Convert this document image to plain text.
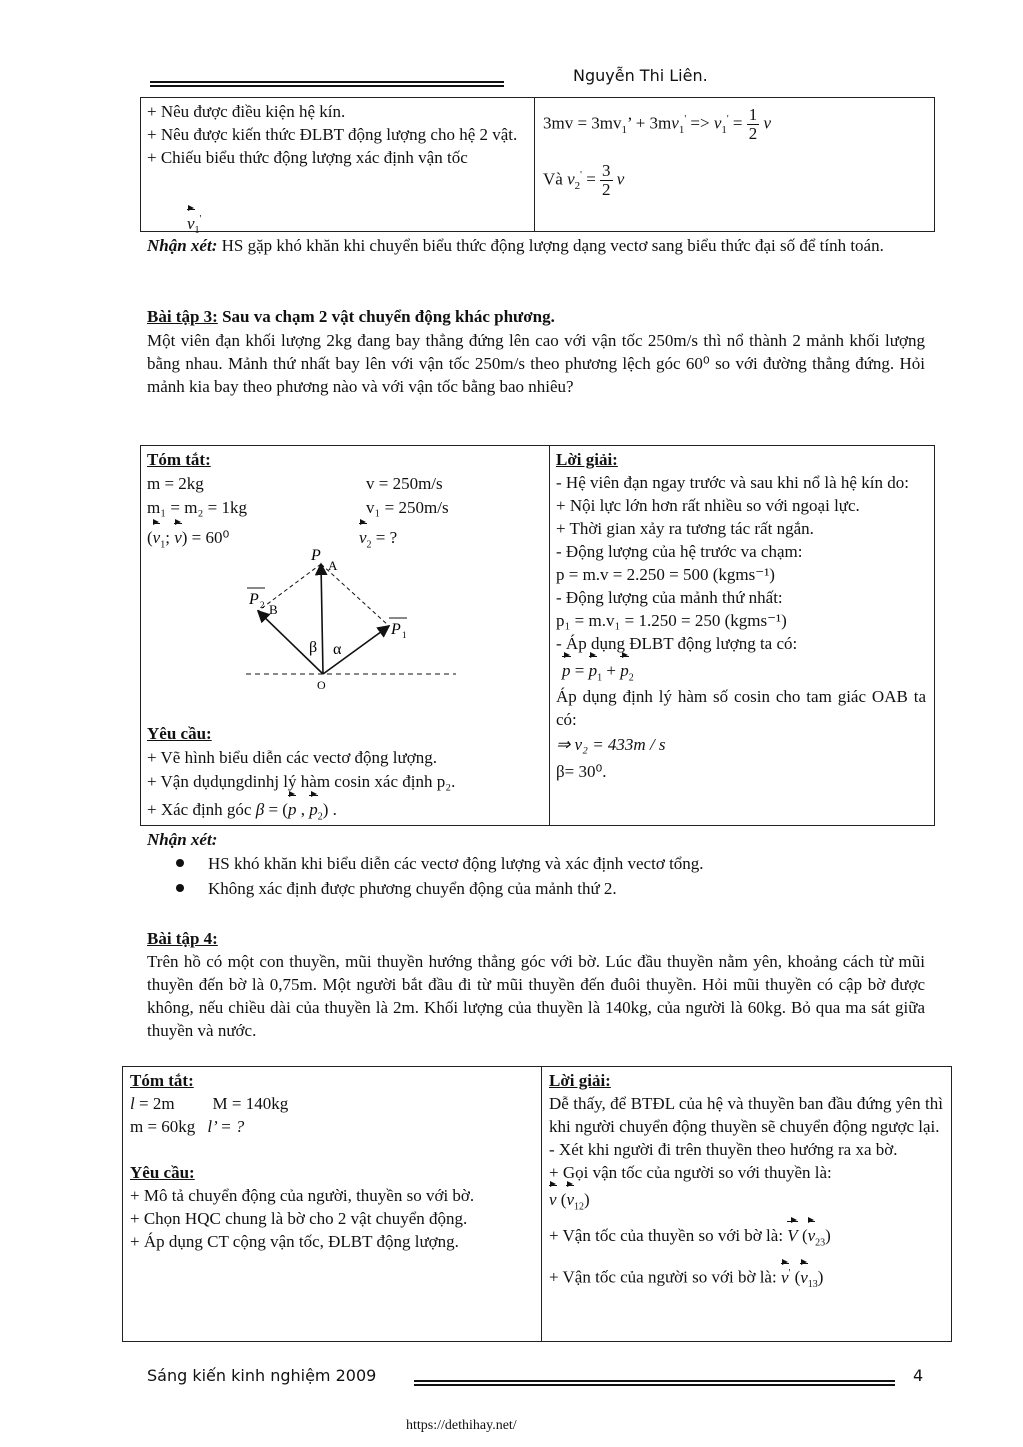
Nguyễn Thi Liên.
+ Nêu được điều kiện hệ kín.
+ Nêu được kiến thức ĐLBT động lượng cho hệ 2 vật.
+ Chiếu biểu thức động lượng xác định vận tốc
$v_1'$
$3mv = 3mv_1$’ + $3mv_1' => v_1' = \frac{1}{2}$ v
Và $v_2' = \frac{3}{2}$ v
Nhận xét: HS gặp khó khăn khi chuyển biểu thức động lượng dạng vectơ sang biểu thức đại số để tính toán.
Bài tập 3: Sau va chạm 2 vật chuyển động khác phương.
Một viên đạn khối lượng 2kg đang bay thẳng đứng lên cao với vận tốc 250m/s thì nổ thành 2 mảnh khối lượng bằng nhau. Mảnh thứ nhất bay lên với vận tốc 250m/s theo phương lệch góc 60⁰ so với đường thẳng đứng. Hỏi mảnh kia bay theo phương nào và với vận tốc bằng bao nhiêu?
Tóm tắt:
m = 2kg	v = 250m/s
m₁ = m₂ = 1kg	v₁ = 250m/s
($v_1$; v) = 60⁰	$v_2$ = ?
P
A
P 2 B
P 1
β α
O
Yêu cầu:
+ Vẽ hình biểu diễn các vectơ động lượng.
+ Vận dụdụngdinhj lý hàm cosin xác định p₂.
+ Xác định góc β = (p , $p_2$) .
Lời giải:
- Hệ viên đạn ngay trước và sau khi nổ là hệ kín do:
+ Nội lực lớn hơn rất nhiều so với ngoại lực.
+ Thời gian xảy ra tương tác rất ngắn.
- Động lượng của hệ trước va chạm:
p = m.v = 2.250 = 500 (kgms⁻¹)
- Động lượng của mảnh thứ nhất:
p₁ = m.v₁ = 1.250 = 250 (kgms⁻¹)
- Áp dụng ĐLBT động lượng ta có:
$p = p_1 + p_2$
Áp dụng định lý hàm số cosin cho tam giác OAB ta có:
⇒ v₂ = 433m / s
β= 30⁰.
Nhận xét:
HS khó khăn khi biểu diễn các vectơ động lượng và xác định vectơ tổng.
Không xác định được phương chuyển động của mảnh thứ 2.
Bài tập 4:
Trên hồ có một con thuyền, mũi thuyền hướng thẳng góc với bờ. Lúc đầu thuyền nằm yên, khoảng cách từ mũi thuyền đến bờ là 0,75m. Một người bắt đầu đi từ mũi thuyền đến đuôi thuyền. Hỏi mũi thuyền có cập bờ được không, nếu chiều dài của thuyền là 2m. Khối lượng của thuyền là 140kg, của người là 60kg. Bỏ qua ma sát giữa thuyền và nước.
Tóm tắt:
l = 2m M = 140kg
m = 60kg l’ = ?
Yêu cầu:
+ Mô tả chuyển động của người, thuyền so với bờ.
+ Chọn HQC chung là bờ cho 2 vật chuyển động.
+ Áp dụng CT cộng vận tốc, ĐLBT động lượng.
Lời giải:
Dễ thấy, để BTĐL của hệ và thuyền ban đầu đứng yên thì khi người chuyển động thuyền sẽ chuyển động ngược lại.
- Xét khi người đi trên thuyền theo hướng ra xa bờ.
+ Gọi vận tốc của người so với thuyền là:
v $(v_{12})$
+ Vận tốc của thuyền so với bờ là: V $(v_{23})$
+ Vận tốc của người so với bờ là: v' $(v_{13})$
Sáng kiến kinh nghiệm 2009	4
https://dethihay.net/
